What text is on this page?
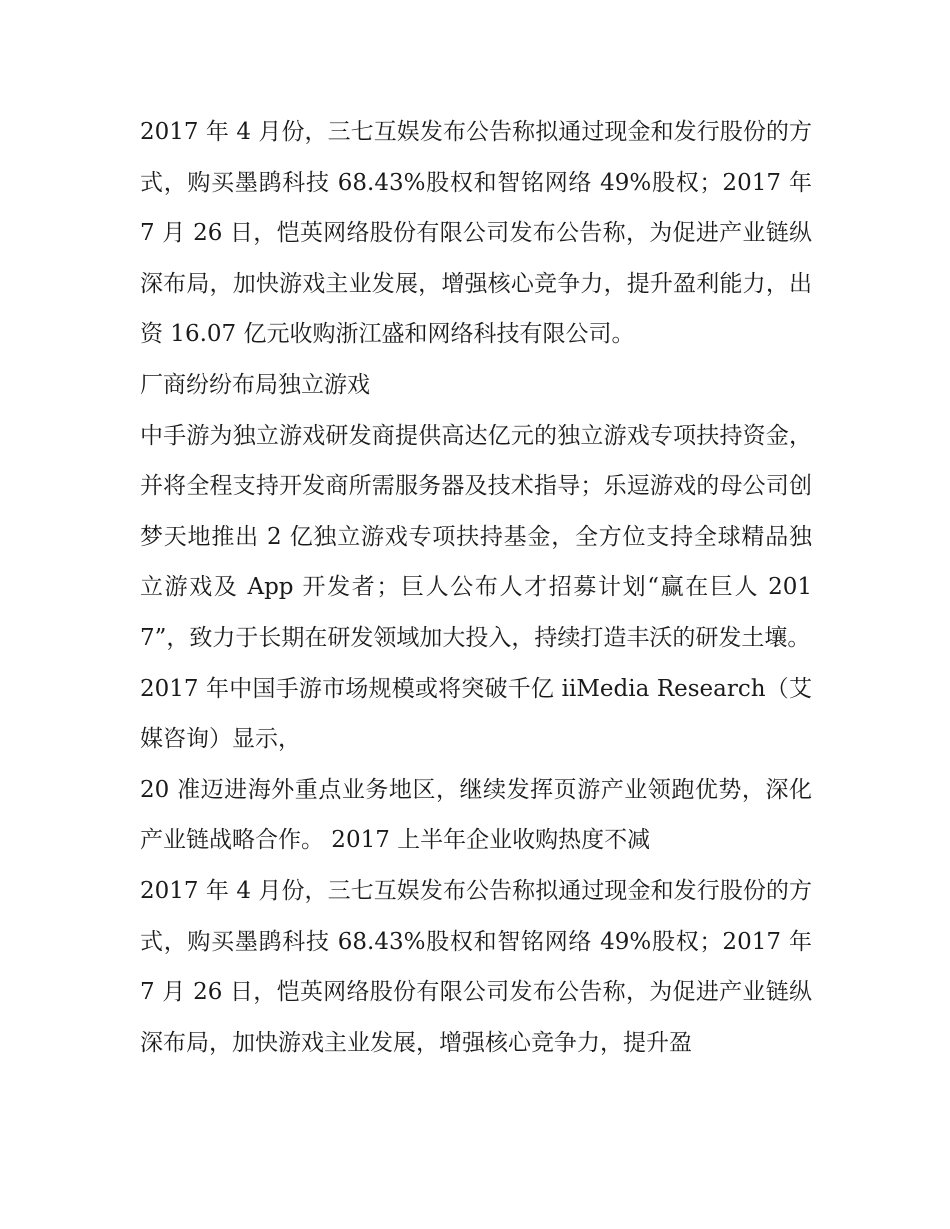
2017 年 4 月份，三七互娱发布公告称拟通过现金和发行股份的方式，购买墨鹍科技 68.43%股权和智铭网络 49%股权；2017 年 7 月 26 日，恺英网络股份有限公司发布公告称，为促进产业链纵深布局，加快游戏主业发展，增强核心竞争力，提升盈利能力，出资 16.07 亿元收购浙江盛和网络科技有限公司。

厂商纷纷布局独立游戏

中手游为独立游戏研发商提供高达亿元的独立游戏专项扶持资金，并将全程支持开发商所需服务器及技术指导；乐逗游戏的母公司创梦天地推出 2 亿独立游戏专项扶持基金，全方位支持全球精品独立游戏及 App 开发者；巨人公布人才招募计划“赢在巨人 2017”，致力于长期在研发领域加大投入，持续打造丰沃的研发土壤。

2017 年中国手游市场规模或将突破千亿 iiMedia Research（艾媒咨询）显示，

20 准迈进海外重点业务地区，继续发挥页游产业领跑优势，深化产业链战略合作。 2017 上半年企业收购热度不减

2017 年 4 月份，三七互娱发布公告称拟通过现金和发行股份的方式，购买墨鹍科技 68.43%股权和智铭网络 49%股权；2017 年 7 月 26 日，恺英网络股份有限公司发布公告称，为促进产业链纵深布局，加快游戏主业发展，增强核心竞争力，提升盈
